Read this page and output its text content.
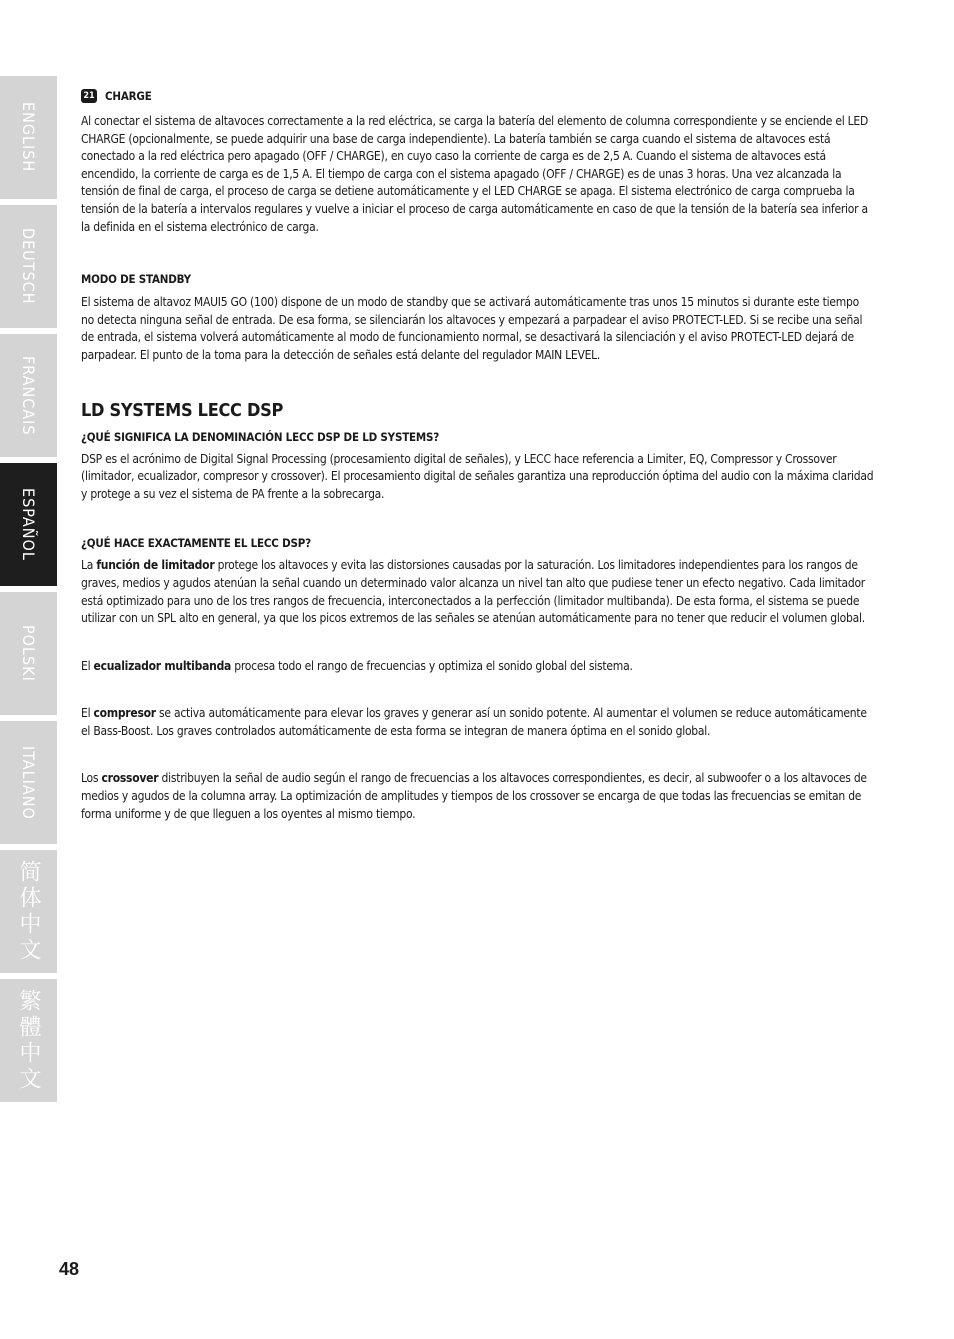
ENGLISH
DEUTSCH
FRANCAIS
ESPAÑOL
POLSKI
ITALIANO
简体中文
繁體中文
21 CHARGE

Al conectar el sistema de altavoces correctamente a la red eléctrica, se carga la batería del elemento de columna correspondiente y se enciende el LED CHARGE (opcionalmente, se puede adquirir una base de carga independiente). La batería también se carga cuando el sistema de altavoces está conectado a la red eléctrica pero apagado (OFF / CHARGE), en cuyo caso la corriente de carga es de 2,5 A. Cuando el sistema de altavoces está encendido, la corriente de carga es de 1,5 A. El tiempo de carga con el sistema apagado (OFF / CHARGE) es de unas 3 horas. Una vez alcanzada la tensión de final de carga, el proceso de carga se detiene automáticamente y el LED CHARGE se apaga. El sistema electrónico de carga comprueba la tensión de la batería a intervalos regulares y vuelve a iniciar el proceso de carga automáticamente en caso de que la tensión de la batería sea inferior a la definida en el sistema electrónico de carga.

MODO DE STANDBY

El sistema de altavoz MAUI5 GO (100) dispone de un modo de standby que se activará automáticamente tras unos 15 minutos si durante este tiempo no detecta ninguna señal de entrada. De esa forma, se silenciarán los altavoces y empezará a parpadear el aviso PROTECT-LED. Si se recibe una señal de entrada, el sistema volverá automáticamente al modo de funcionamiento normal, se desactivará la silenciación y el aviso PROTECT-LED dejará de parpadear. El punto de la toma para la detección de señales está delante del regulador MAIN LEVEL.

LD SYSTEMS LECC DSP
¿QUÉ SIGNIFICA LA DENOMINACIÓN LECC DSP DE LD SYSTEMS?

DSP es el acrónimo de Digital Signal Processing (procesamiento digital de señales), y LECC hace referencia a Limiter, EQ, Compressor y Crossover (limitador, ecualizador, compresor y crossover). El procesamiento digital de señales garantiza una reproducción óptima del audio con la máxima claridad y protege a su vez el sistema de PA frente a la sobrecarga.

¿QUÉ HACE EXACTAMENTE EL LECC DSP?

La función de limitador protege los altavoces y evita las distorsiones causadas por la saturación. Los limitadores independientes para los rangos de graves, medios y agudos atenúan la señal cuando un determinado valor alcanza un nivel tan alto que pudiese tener un efecto negativo. Cada limitador está optimizado para uno de los tres rangos de frecuencia, interconectados a la perfección (limitador multibanda). De esta forma, el sistema se puede utilizar con un SPL alto en general, ya que los picos extremos de las señales se atenúan automáticamente para no tener que reducir el volumen global.

El ecualizador multibanda procesa todo el rango de frecuencias y optimiza el sonido global del sistema.

El compresor se activa automáticamente para elevar los graves y generar así un sonido potente. Al aumentar el volumen se reduce automáticamente el Bass-Boost. Los graves controlados automáticamente de esta forma se integran de manera óptima en el sonido global.

Los crossover distribuyen la señal de audio según el rango de frecuencias a los altavoces correspondientes, es decir, al subwoofer o a los altavoces de medios y agudos de la columna array. La optimización de amplitudes y tiempos de los crossover se encarga de que todas las frecuencias se emitan de forma uniforme y de que lleguen a los oyentes al mismo tiempo.

48
